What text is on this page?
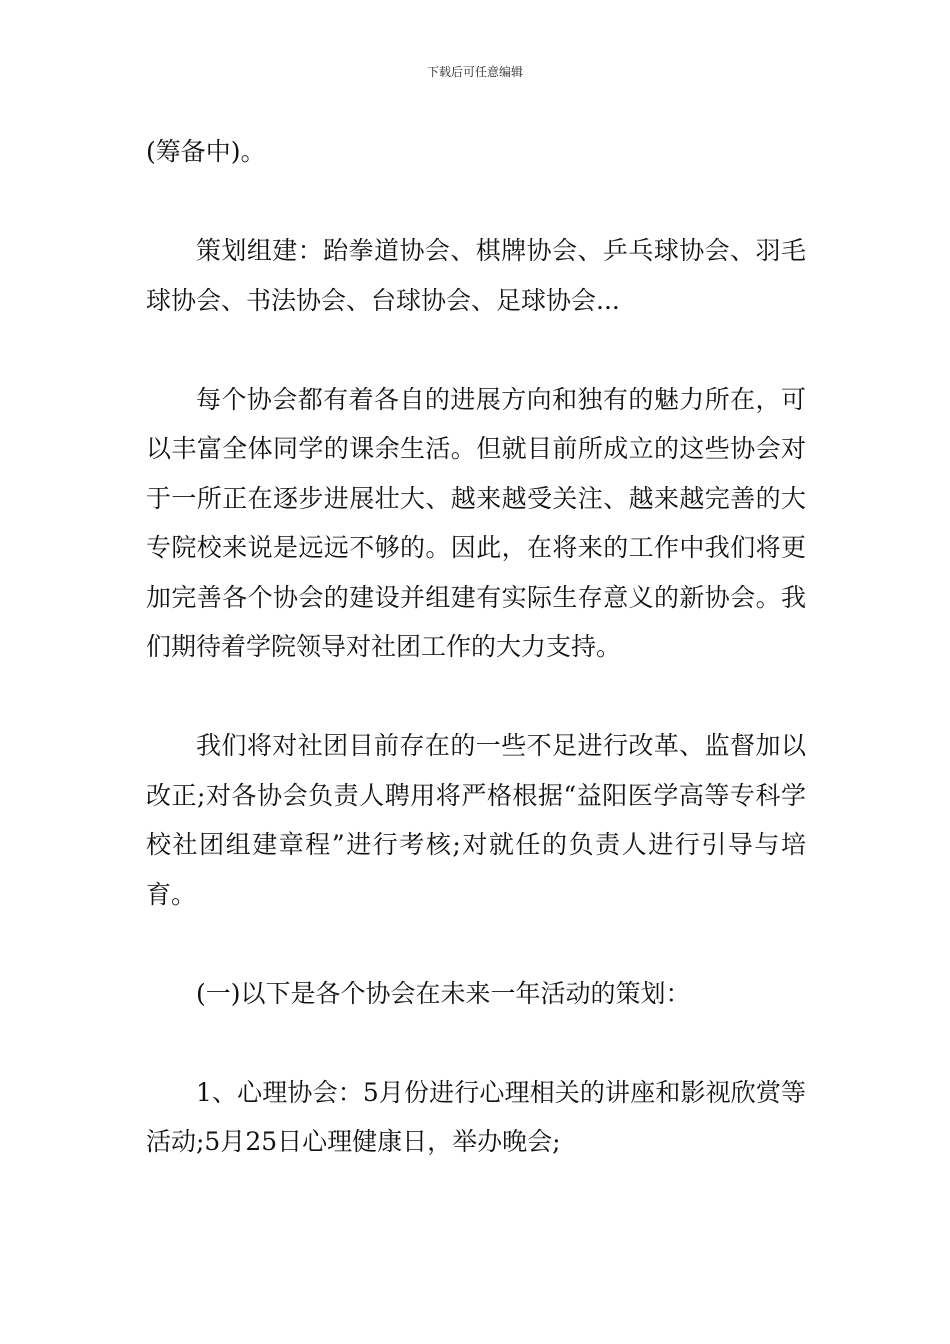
下载后可任意编辑

(筹备中)。

策划组建：跆拳道协会、棋牌协会、乒乓球协会、羽毛球协会、书法协会、台球协会、足球协会...

每个协会都有着各自的进展方向和独有的魅力所在，可以丰富全体同学的课余生活。但就目前所成立的这些协会对于一所正在逐步进展壮大、越来越受关注、越来越完善的大专院校来说是远远不够的。因此，在将来的工作中我们将更加完善各个协会的建设并组建有实际生存意义的新协会。我们期待着学院领导对社团工作的大力支持。

我们将对社团目前存在的一些不足进行改革、监督加以改正;对各协会负责人聘用将严格根据“益阳医学高等专科学校社团组建章程”进行考核;对就任的负责人进行引导与培育。

(一)以下是各个协会在未来一年活动的策划：

1、心理协会：5月份进行心理相关的讲座和影视欣赏等活动;5月25日心理健康日，举办晚会;
